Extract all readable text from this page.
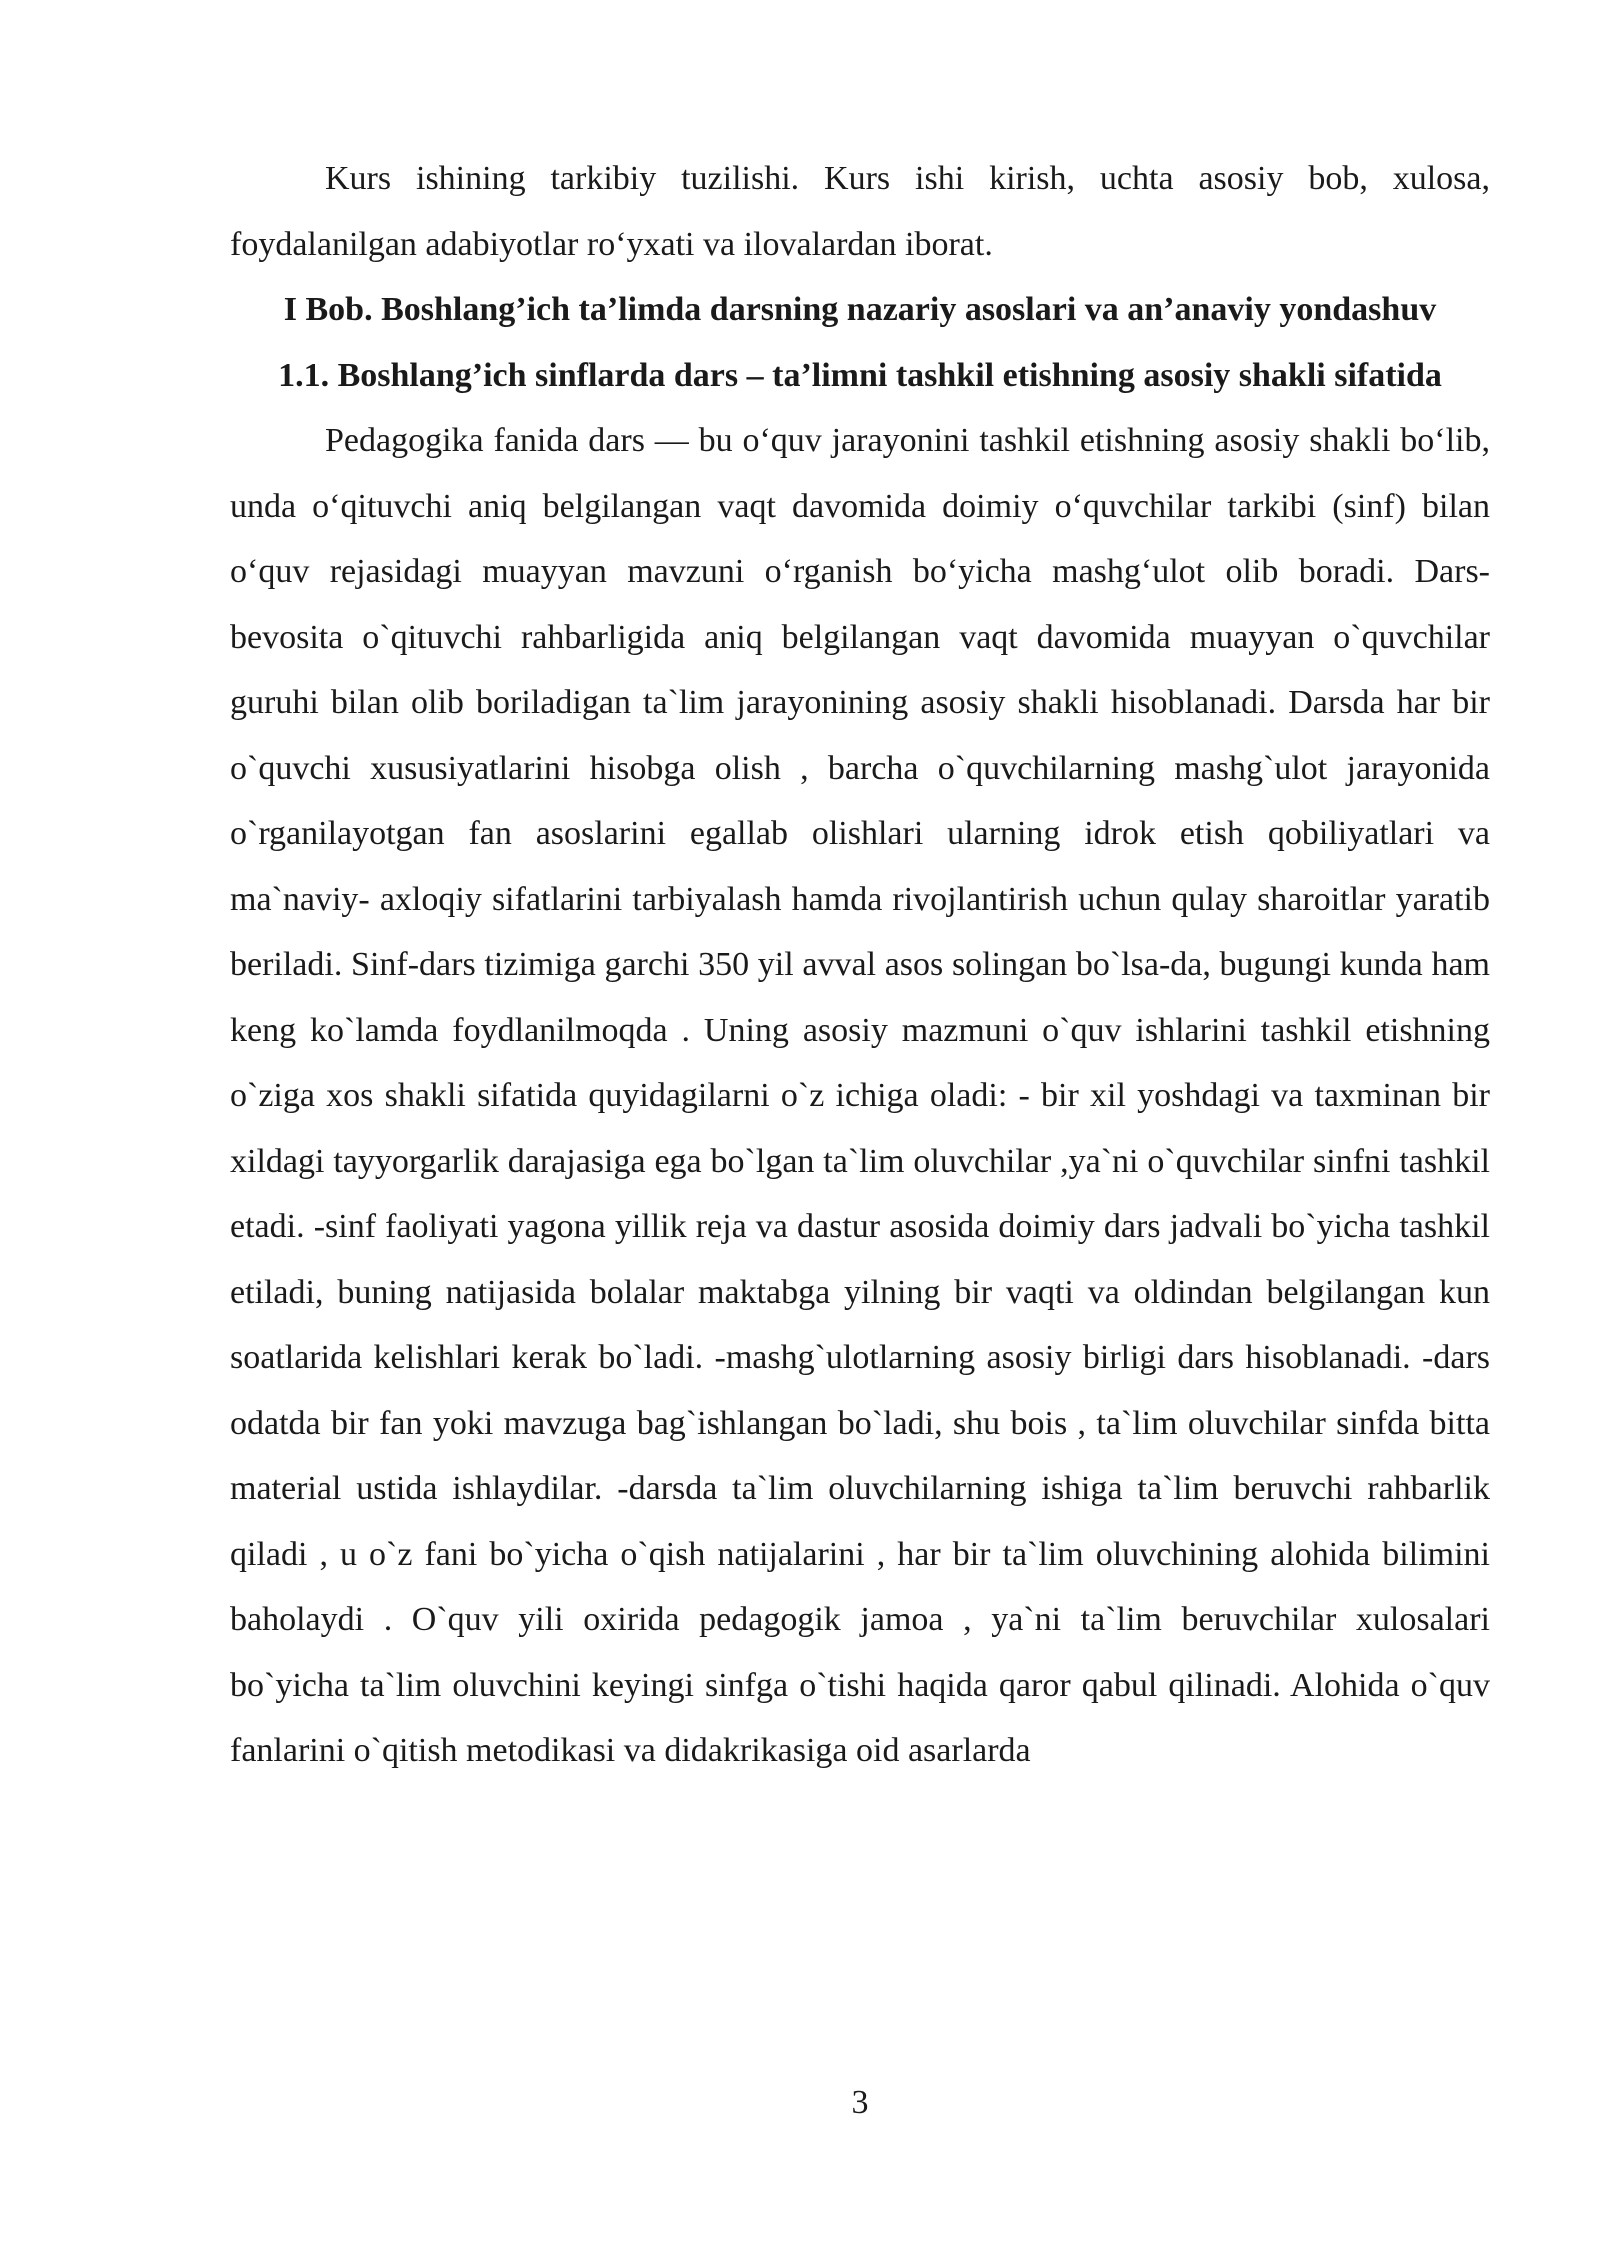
Kurs ishining tarkibiy tuzilishi. Kurs ishi kirish, uchta asosiy bob, xulosa, foydalanilgan adabiyotlar ro‘yxati va ilovalardan iborat.

I Bob. Boshlang’ich ta’limda darsning nazariy asoslari va an’anaviy yondashuv

1.1. Boshlang’ich sinflarda dars – ta’limni tashkil etishning asosiy shakli sifatida

Pedagogika fanida dars — bu o‘quv jarayonini tashkil etishning asosiy shakli bo‘lib, unda o‘qituvchi aniq belgilangan vaqt davomida doimiy o‘quvchilar tarkibi (sinf) bilan o‘quv rejasidagi muayyan mavzuni o‘rganish bo‘yicha mashg‘ulot olib boradi. Dars- bevosita o`qituvchi rahbarligida aniq belgilangan vaqt davomida muayyan o`quvchilar guruhi bilan olib boriladigan ta`lim jarayonining asosiy shakli hisoblanadi. Darsda har bir o`quvchi xususiyatlarini hisobga olish , barcha o`quvchilarning mashg`ulot jarayonida o`rganilayotgan fan asoslarini egallab olishlari ularning idrok etish qobiliyatlari va ma`naviy- axloqiy sifatlarini tarbiyalash hamda rivojlantirish uchun qulay sharoitlar yaratib beriladi. Sinf-dars tizimiga garchi 350 yil avval asos solingan bo`lsa-da, bugungi kunda ham keng ko`lamda foydlanilmoqda . Uning asosiy mazmuni o`quv ishlarini tashkil etishning o`ziga xos shakli sifatida quyidagilarni o`z ichiga oladi: - bir xil yoshdagi va taxminan bir xildagi tayyorgarlik darajasiga ega bo`lgan ta`lim oluvchilar ,ya`ni o`quvchilar sinfni tashkil etadi. -sinf faoliyati yagona yillik reja va dastur asosida doimiy dars jadvali bo`yicha tashkil etiladi, buning natijasida bolalar maktabga yilning bir vaqti va oldindan belgilangan kun soatlarida kelishlari kerak bo`ladi. -mashg`ulotlarning asosiy birligi dars hisoblanadi. -dars odatda bir fan yoki mavzuga bag`ishlangan bo`ladi, shu bois , ta`lim oluvchilar sinfda bitta material ustida ishlaydilar. -darsda ta`lim oluvchilarning ishiga ta`lim beruvchi rahbarlik qiladi , u o`z fani bo`yicha o`qish natijalarini , har bir ta`lim oluvchining alohida bilimini baholaydi . O`quv yili oxirida pedagogik jamoa , ya`ni ta`lim beruvchilar xulosalari bo`yicha ta`lim oluvchini keyingi sinfga o`tishi haqida qaror qabul qilinadi. Alohida o`quv fanlarini o`qitish metodikasi va didakrikasiga oid asarlarda

3
